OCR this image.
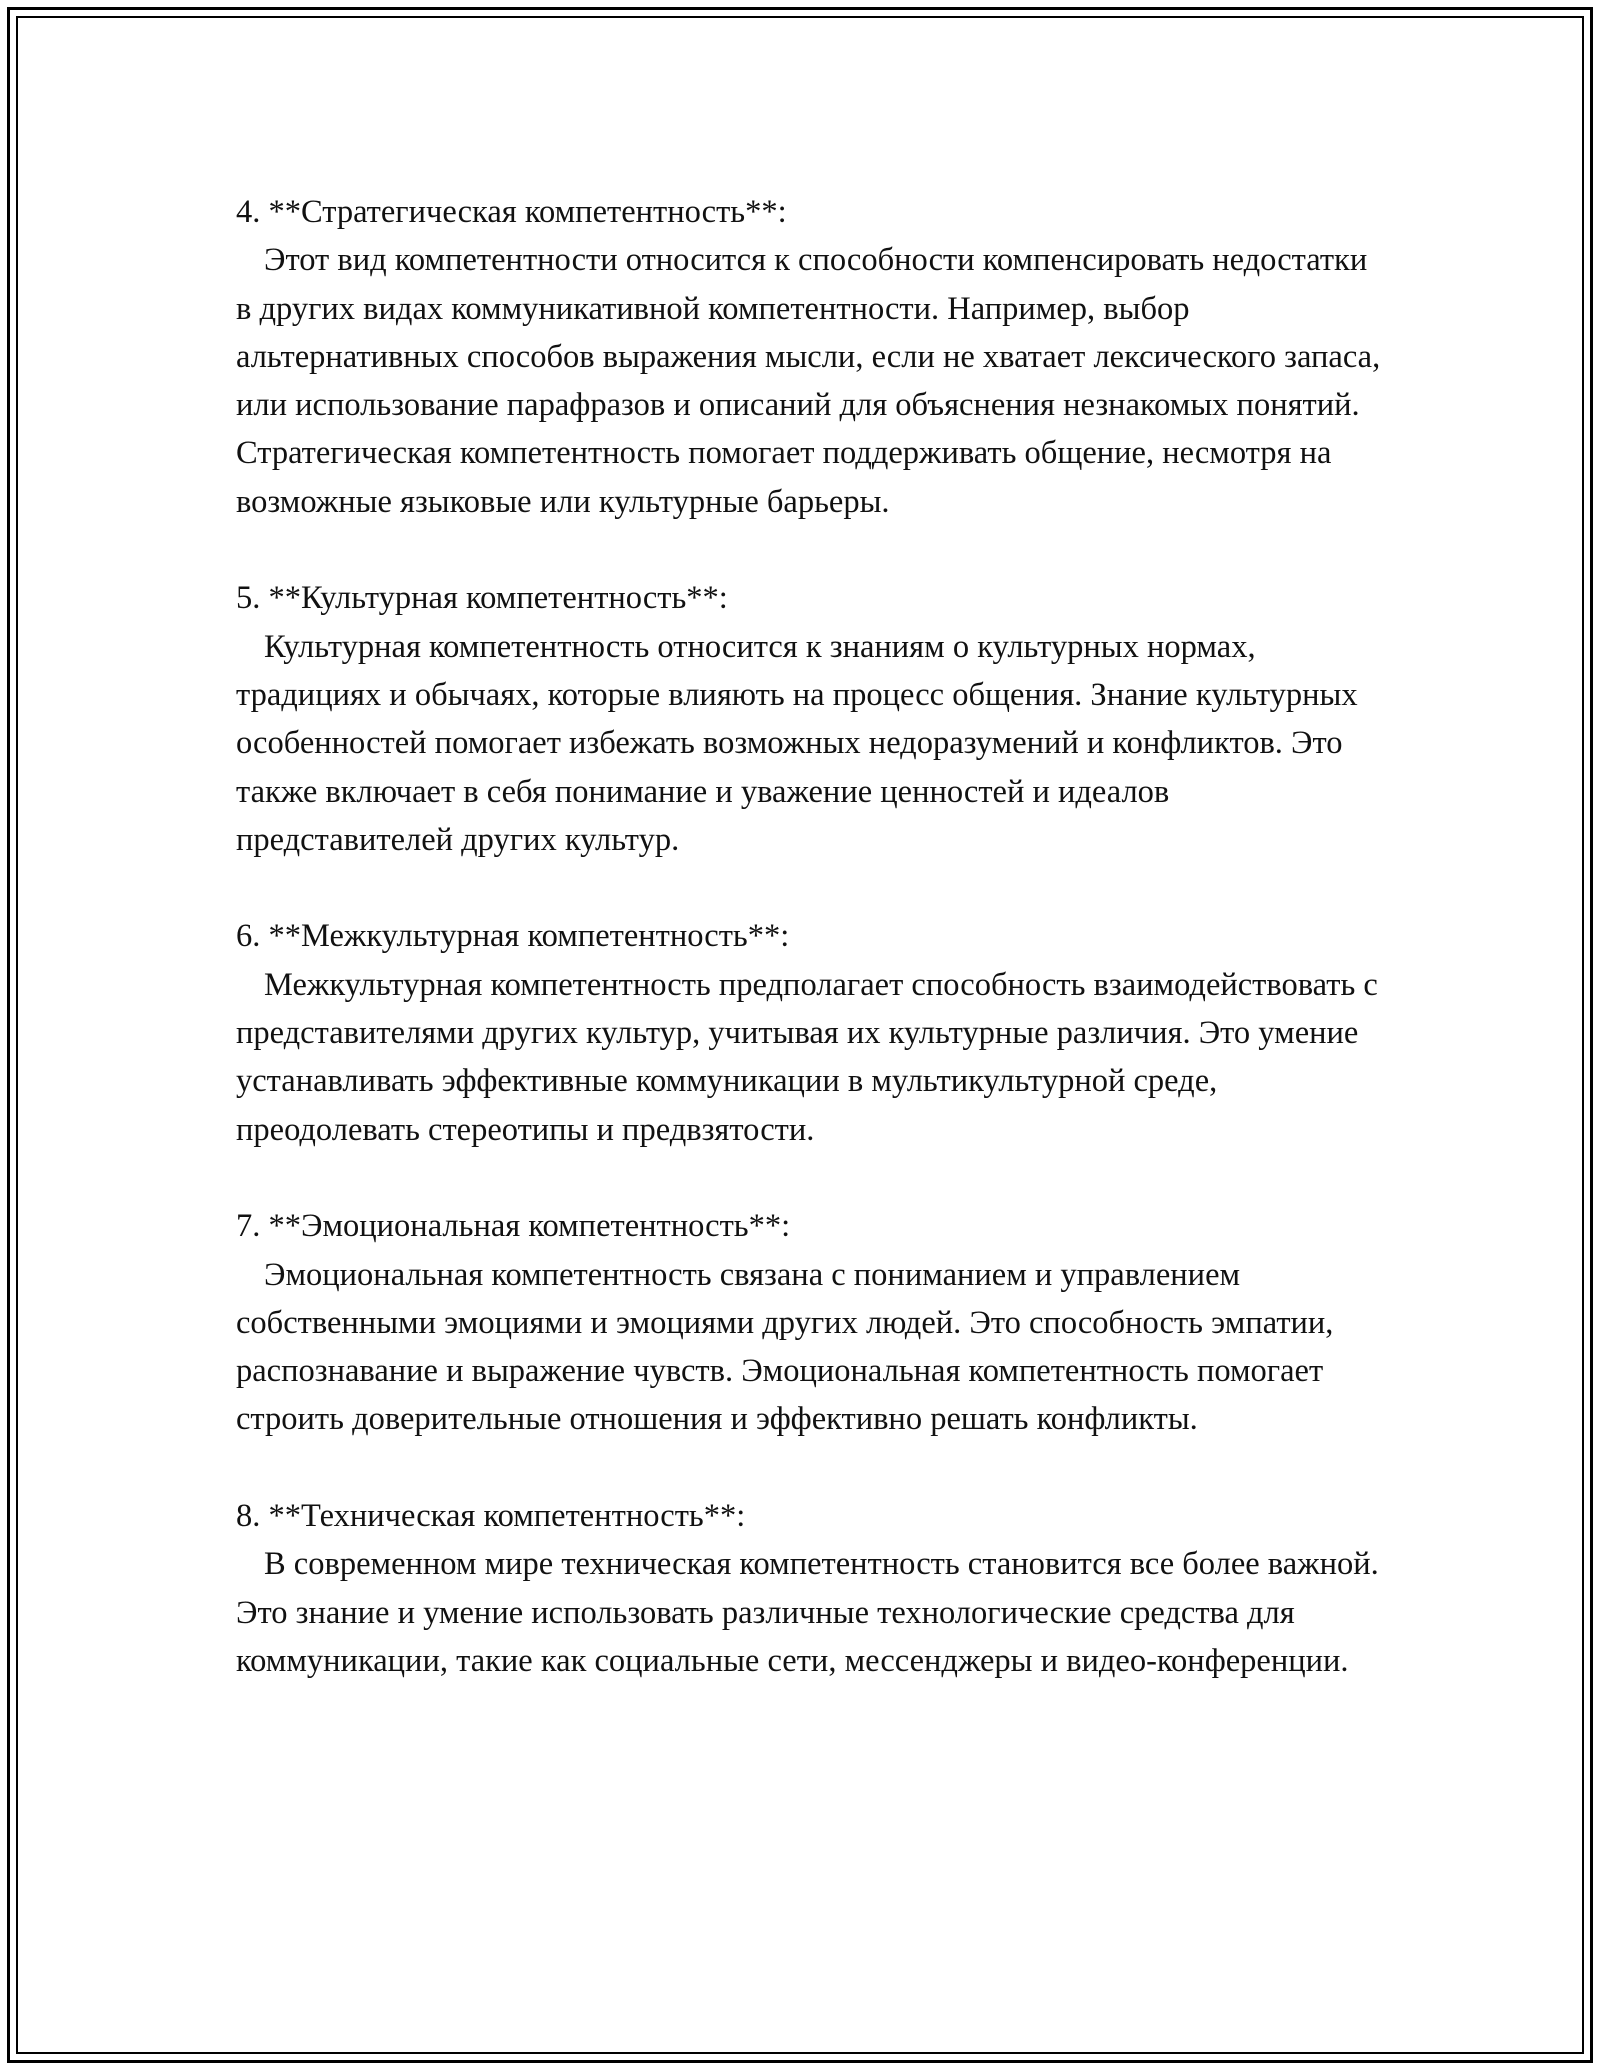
4. **Стратегическая компетентность**:

Этот вид компетентности относится к способности компенсировать недостатки в других видах коммуникативной компетентности. Например, выбор альтернативных способов выражения мысли, если не хватает лексического запаса, или использование парафразов и описаний для объяснения незнакомых понятий. Стратегическая компетентность помогает поддерживать общение, несмотря на возможные языковые или культурные барьеры.

5. **Культурная компетентность**:

Культурная компетентность относится к знаниям о культурных нормах, традициях и обычаях, которые влияють на процесс общения. Знание культурных особенностей помогает избежать возможных недоразумений и конфликтов. Это также включает в себя понимание и уважение ценностей и идеалов представителей других культур.

6. **Межкультурная компетентность**:

Межкультурная компетентность предполагает способность взаимодействовать с представителями других культур, учитывая их культурные различия. Это умение устанавливать эффективные коммуникации в мультикультурной среде, преодолевать стереотипы и предвзятости.

7. **Эмоциональная компетентность**:

Эмоциональная компетентность связана с пониманием и управлением собственными эмоциями и эмоциями других людей. Это способность эмпатии, распознавание и выражение чувств. Эмоциональная компетентность помогает строить доверительные отношения и эффективно решать конфликты.

8. **Техническая компетентность**:

В современном мире техническая компетентность становится все более важной. Это знание и умение использовать различные технологические средства для коммуникации, такие как социальные сети, мессенджеры и видео-конференции.
